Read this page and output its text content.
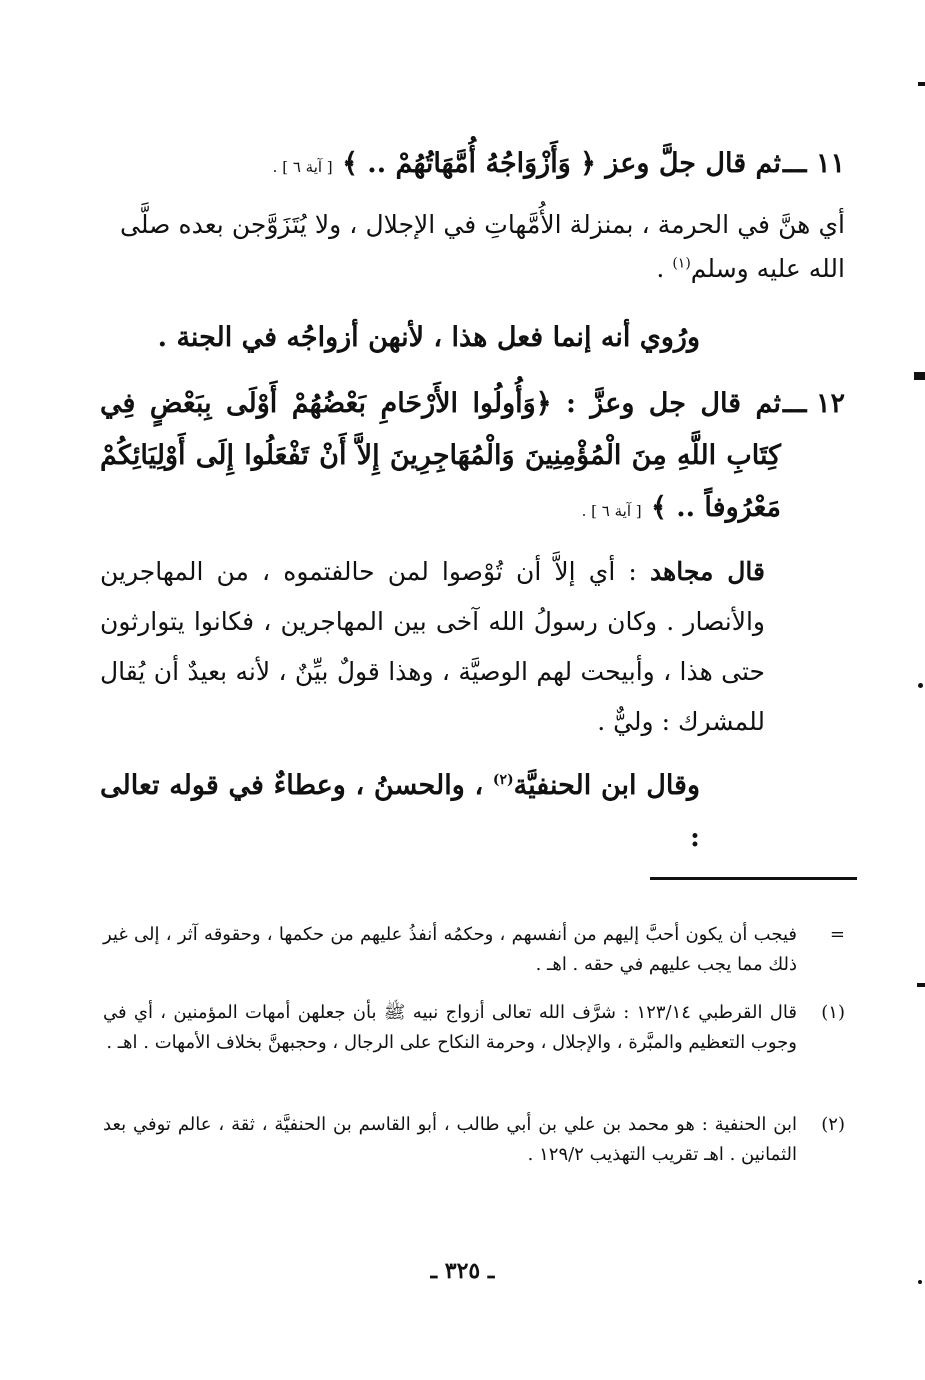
١١ ـــ
ثم قال جلَّ وعز ﴿ وَأَزْوَاجُهُ أُمَّهَاتُهُمْ .. ﴾ [ آية ٦ ] .
أي هنَّ في الحرمة ، بمنزلة الأُمَّهاتِ في الإجلال ، ولا يُتَزَوَّجن بعده صلَّى الله عليه وسلم$^{(١)}$ .
ورُوي أنه إنما فعل هذا ، لأنهن أزواجُه في الجنة .
١٢ ـــ
ثم قال جل وعزَّ : ﴿وَأُولُوا الأَرْحَامِ بَعْضُهُمْ أَوْلَى بِبَعْضٍ فِي كِتَابِ اللَّهِ مِنَ الْمُؤْمِنِينَ وَالْمُهَاجِرِينَ إِلاَّ أَنْ تَفْعَلُوا إِلَى أَوْلِيَائِكُمْ مَعْرُوفاً .. ﴾ [ آية ٦ ] .
قال مجاهد : أي إلاَّ أن تُوْصوا لمن حالفتموه ، من المهاجرين والأنصار . وكان رسولُ الله آخى بين المهاجرين ، فكانوا يتوارثون حتى هذا ، وأبيحت لهم الوصيَّة ، وهذا قولٌ بيِّنٌ ، لأنه بعيدٌ أن يُقال للمشرك : وليٌّ .
وقال ابن الحنفيَّة$^{(٢)}$ ، والحسنُ ، وعطاءٌ في قوله تعالى :
=
فيجب أن يكون أحبَّ إليهم من أنفسهم ، وحكمُه أنفذُ عليهم من حكمها ، وحقوقه آثر ، إلى غير ذلك مما يجب عليهم في حقه . اهـ .
(١)
قال القرطبي ١٢٣/١٤ : شرَّف الله تعالى أزواج نبيه ﷺ بأن جعلهن أمهات المؤمنين ، أي في وجوب التعظيم والمبَّرة ، والإجلال ، وحرمة النكاح على الرجال ، وحجبهنَّ بخلاف الأمهات . اهـ .
(٢)
ابن الحنفية : هو محمد بن علي بن أبي طالب ، أبو القاسم بن الحنفيَّة ، ثقة ، عالم توفي بعد الثمانين . اهـ تقريب التهذيب ١٢٩/٢ .
ـ ٣٢٥ ـ
